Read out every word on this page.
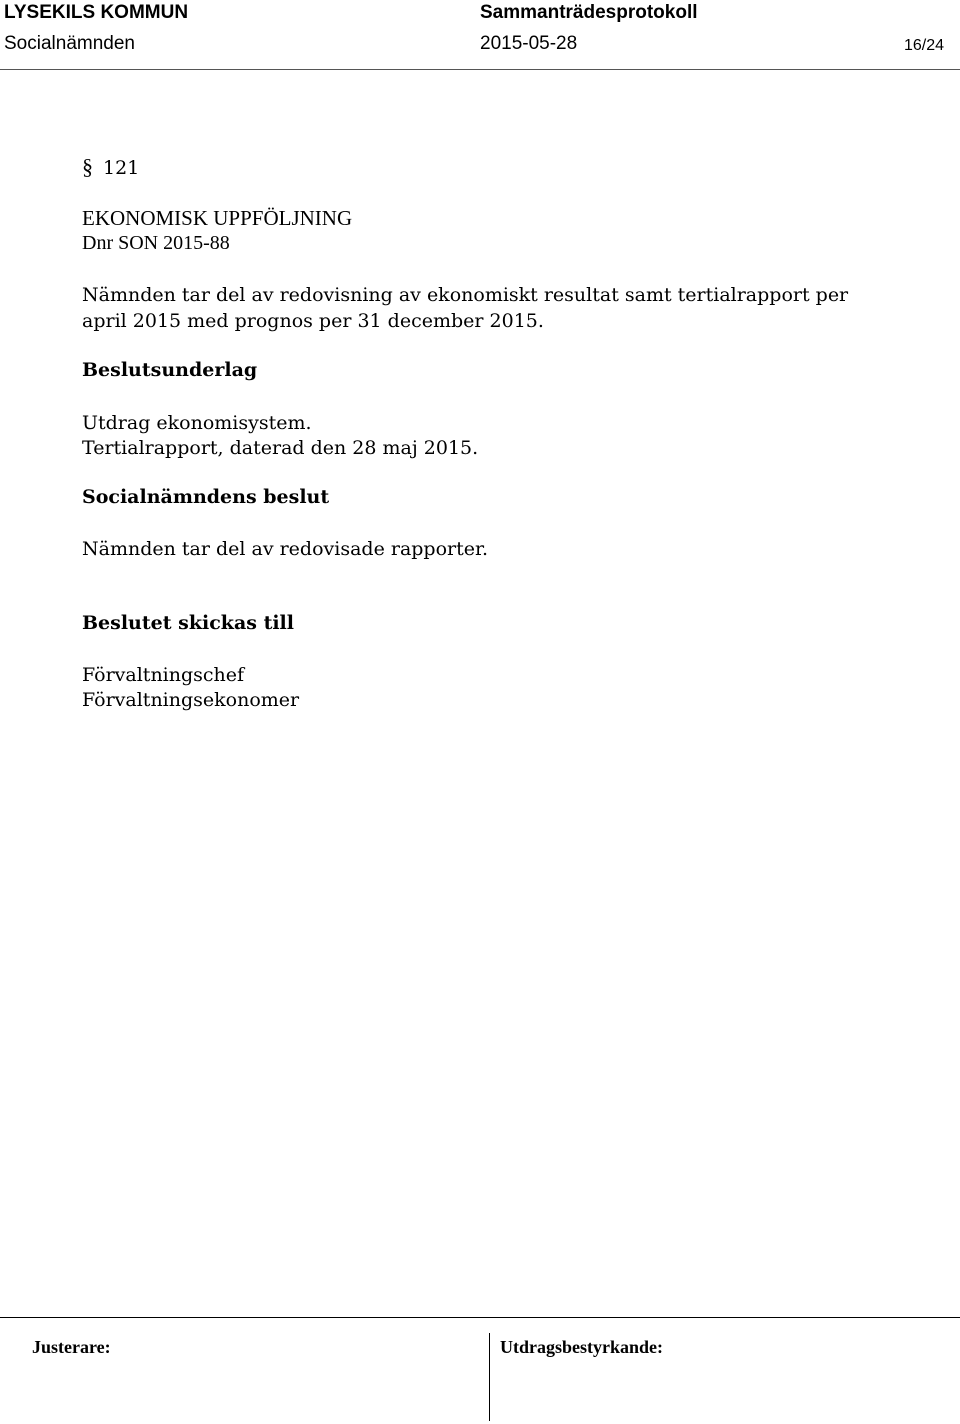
LYSEKILS KOMMUN	Sammanträdesprotokoll
Socialnämnden	2015-05-28	16/24
§ 121
EKONOMISK UPPFÖLJNING
Dnr SON 2015-88
Nämnden tar del av redovisning av ekonomiskt resultat samt tertialrapport per
april 2015 med prognos per 31 december 2015.
Beslutsunderlag
Utdrag ekonomisystem.
Tertialrapport, daterad den 28 maj 2015.
Socialnämndens beslut
Nämnden tar del av redovisade rapporter.
Beslutet skickas till
Förvaltningschef
Förvaltningsekonomer
Justerare:	Utdragsbestyrkande:
